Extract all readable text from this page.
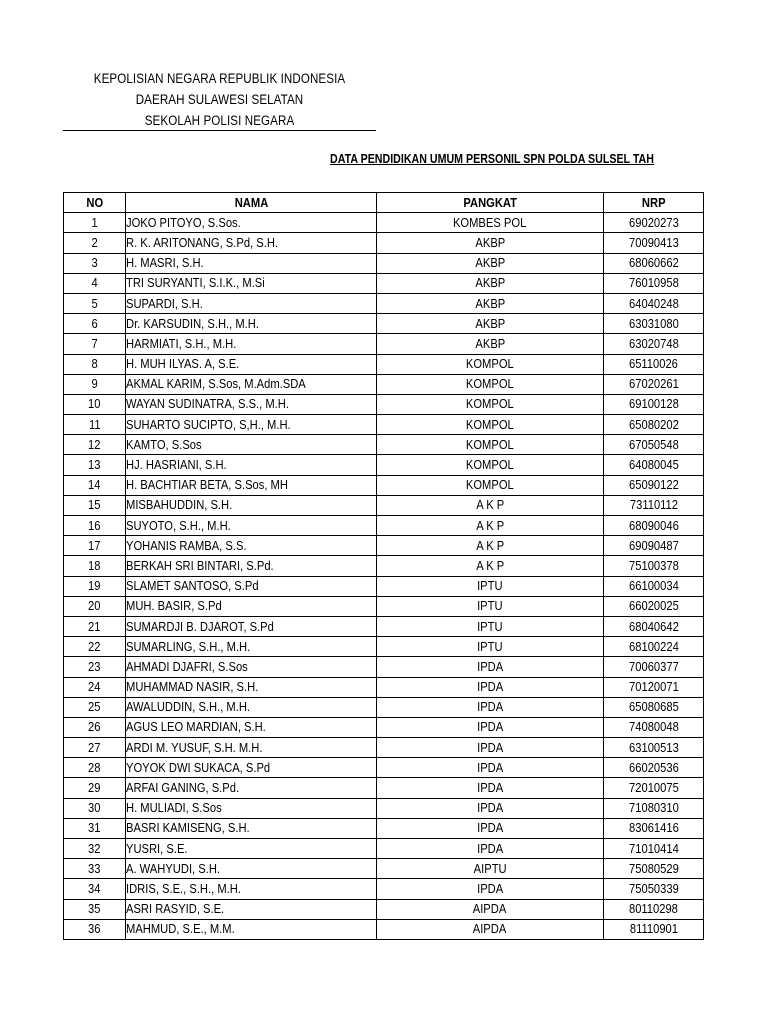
KEPOLISIAN NEGARA REPUBLIK INDONESIA
DAERAH SULAWESI SELATAN
SEKOLAH POLISI NEGARA
DATA PENDIDIKAN UMUM PERSONIL SPN POLDA SULSEL TAH
NO	NAMA	PANGKAT	NRP
1	JOKO PITOYO, S.Sos.	KOMBES POL	69020273
2	R. K. ARITONANG, S.Pd, S.H.	AKBP	70090413
3	H. MASRI, S.H.	AKBP	68060662
4	TRI SURYANTI, S.I.K., M.Si	AKBP	76010958
5	SUPARDI, S.H.	AKBP	64040248
6	Dr. KARSUDIN, S.H., M.H.	AKBP	63031080
7	HARMIATI, S.H., M.H.	AKBP	63020748
8	H. MUH ILYAS. A, S.E.	KOMPOL	65110026
9	AKMAL KARIM, S.Sos, M.Adm.SDA	KOMPOL	67020261
10	WAYAN SUDINATRA, S.S., M.H.	KOMPOL	69100128
11	SUHARTO SUCIPTO, S,H., M.H.	KOMPOL	65080202
12	KAMTO, S.Sos	KOMPOL	67050548
13	HJ. HASRIANI, S.H.	KOMPOL	64080045
14	H. BACHTIAR BETA, S.Sos, MH	KOMPOL	65090122
15	MISBAHUDDIN, S.H.	A K P	73110112
16	SUYOTO, S.H., M.H.	A K P	68090046
17	YOHANIS RAMBA, S.S.	A K P	69090487
18	BERKAH SRI BINTARI, S.Pd.	A K P	75100378
19	SLAMET SANTOSO, S.Pd	IPTU	66100034
20	MUH. BASIR, S.Pd	IPTU	66020025
21	SUMARDJI B. DJAROT, S.Pd	IPTU	68040642
22	SUMARLING, S.H., M.H.	IPTU	68100224
23	AHMADI DJAFRI, S.Sos	IPDA	70060377
24	MUHAMMAD NASIR, S.H.	IPDA	70120071
25	AWALUDDIN, S.H., M.H.	IPDA	65080685
26	AGUS LEO MARDIAN, S.H.	IPDA	74080048
27	ARDI M. YUSUF, S.H. M.H.	IPDA	63100513
28	YOYOK DWI SUKACA, S.Pd	IPDA	66020536
29	ARFAI GANING, S.Pd.	IPDA	72010075
30	H. MULIADI, S.Sos	IPDA	71080310
31	BASRI KAMISENG, S.H.	IPDA	83061416
32	YUSRI, S.E.	IPDA	71010414
33	A. WAHYUDI, S.H.	AIPTU	75080529
34	IDRIS, S.E., S.H., M.H.	IPDA	75050339
35	ASRI RASYID, S.E.	AIPDA	80110298
36	MAHMUD, S.E., M.M.	AIPDA	81110901
